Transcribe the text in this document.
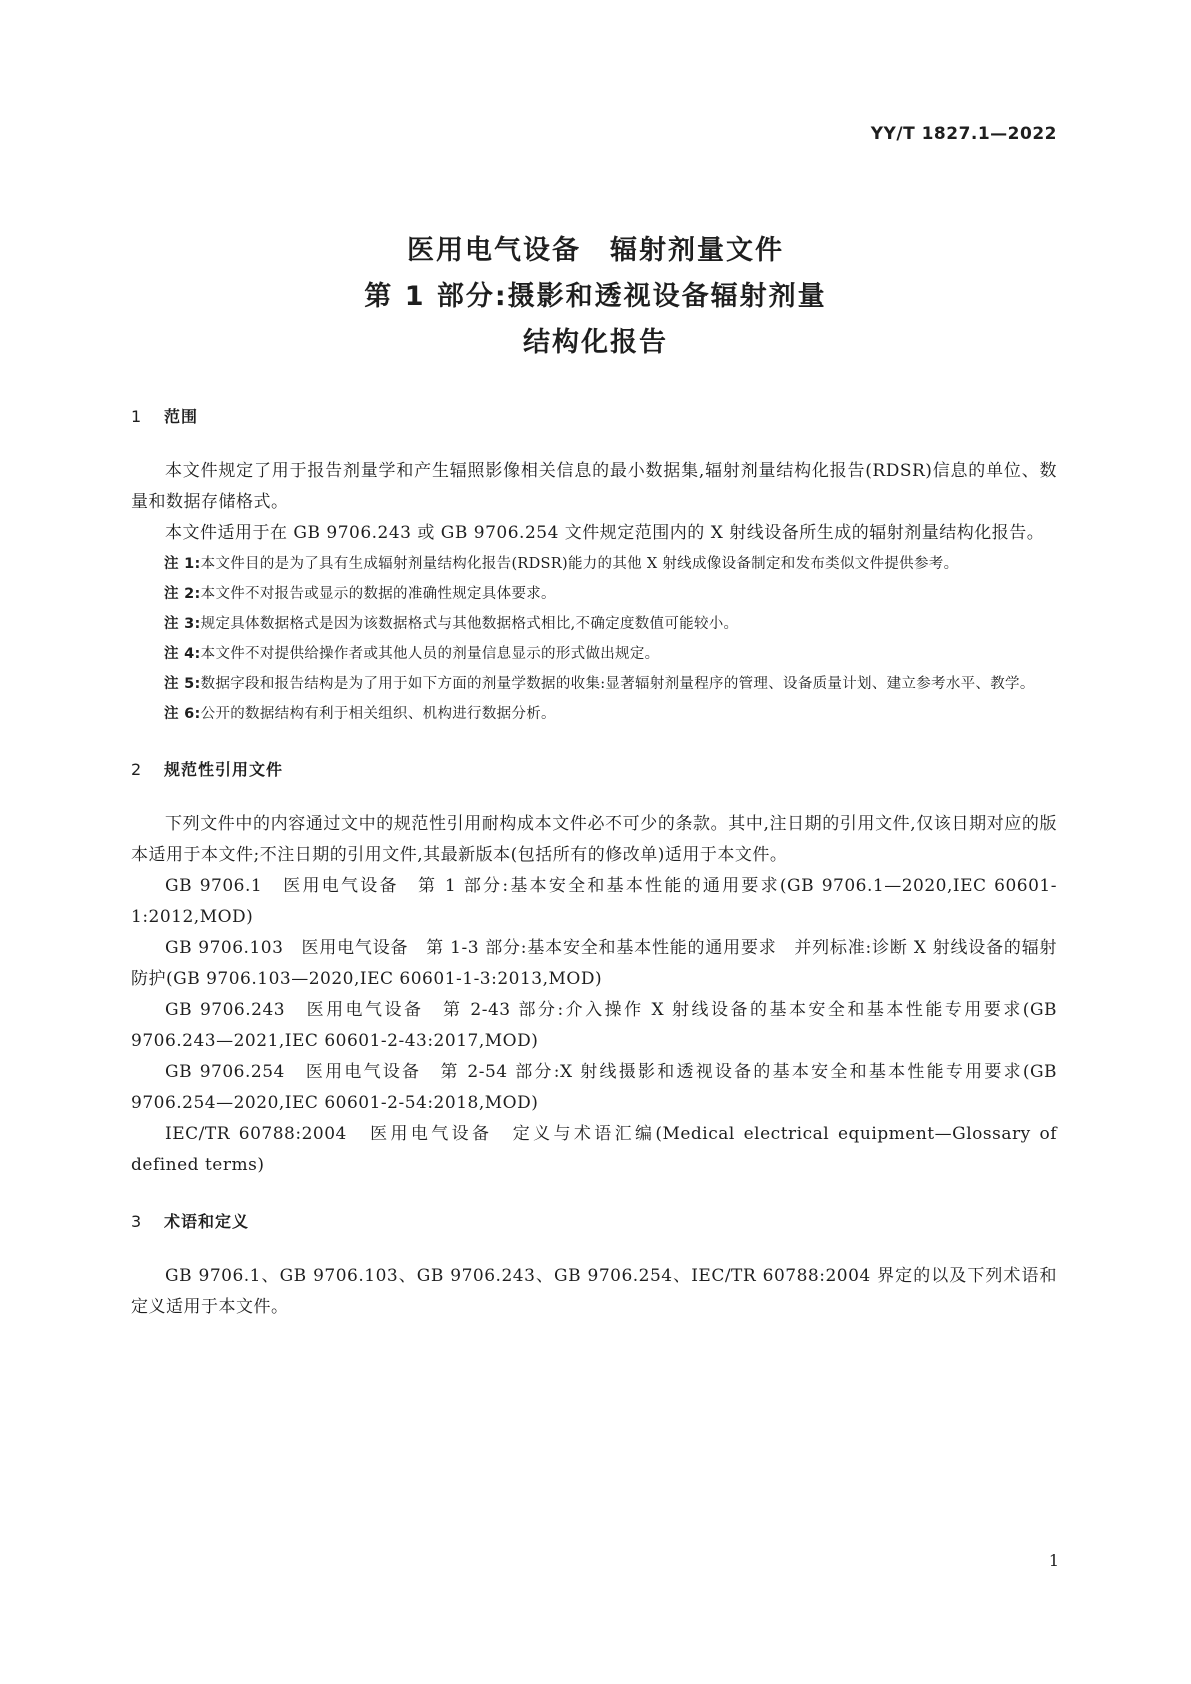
YY/T 1827.1—2022
医用电气设备　辐射剂量文件
第 1 部分:摄影和透视设备辐射剂量
结构化报告
1 范围
本文件规定了用于报告剂量学和产生辐照影像相关信息的最小数据集,辐射剂量结构化报告(RDSR)信息的单位、数量和数据存储格式。
本文件适用于在 GB 9706.243 或 GB 9706.254 文件规定范围内的 X 射线设备所生成的辐射剂量结构化报告。
注 1:本文件目的是为了具有生成辐射剂量结构化报告(RDSR)能力的其他 X 射线成像设备制定和发布类似文件提供参考。
注 2:本文件不对报告或显示的数据的准确性规定具体要求。
注 3:规定具体数据格式是因为该数据格式与其他数据格式相比,不确定度数值可能较小。
注 4:本文件不对提供给操作者或其他人员的剂量信息显示的形式做出规定。
注 5:数据字段和报告结构是为了用于如下方面的剂量学数据的收集:显著辐射剂量程序的管理、设备质量计划、建立参考水平、教学。
注 6:公开的数据结构有利于相关组织、机构进行数据分析。
2 规范性引用文件
下列文件中的内容通过文中的规范性引用耐构成本文件必不可少的条款。其中,注日期的引用文件,仅该日期对应的版本适用于本文件;不注日期的引用文件,其最新版本(包括所有的修改单)适用于本文件。
GB 9706.1　 医用电气设备　第 1 部分:基本安全和基本性能的通用要求(GB 9706.1—2020,IEC 60601-1:2012,MOD)
GB 9706.103　 医用电气设备　第 1-3 部分:基本安全和基本性能的通用要求　并列标准:诊断 X 射线设备的辐射防护(GB 9706.103—2020,IEC 60601-1-3:2013,MOD)
GB 9706.243　 医用电气设备　第 2-43 部分:介入操作 X 射线设备的基本安全和基本性能专用要求(GB 9706.243—2021,IEC 60601-2-43:2017,MOD)
GB 9706.254　 医用电气设备　第 2-54 部分:X 射线摄影和透视设备的基本安全和基本性能专用要求(GB 9706.254—2020,IEC 60601-2-54:2018,MOD)
IEC/TR 60788:2004　 医用电气设备　定义与术语汇编(Medical electrical equipment—Glossary of defined terms)
3 术语和定义
GB 9706.1、GB 9706.103、GB 9706.243、GB 9706.254、IEC/TR 60788:2004 界定的以及下列术语和定义适用于本文件。
1
